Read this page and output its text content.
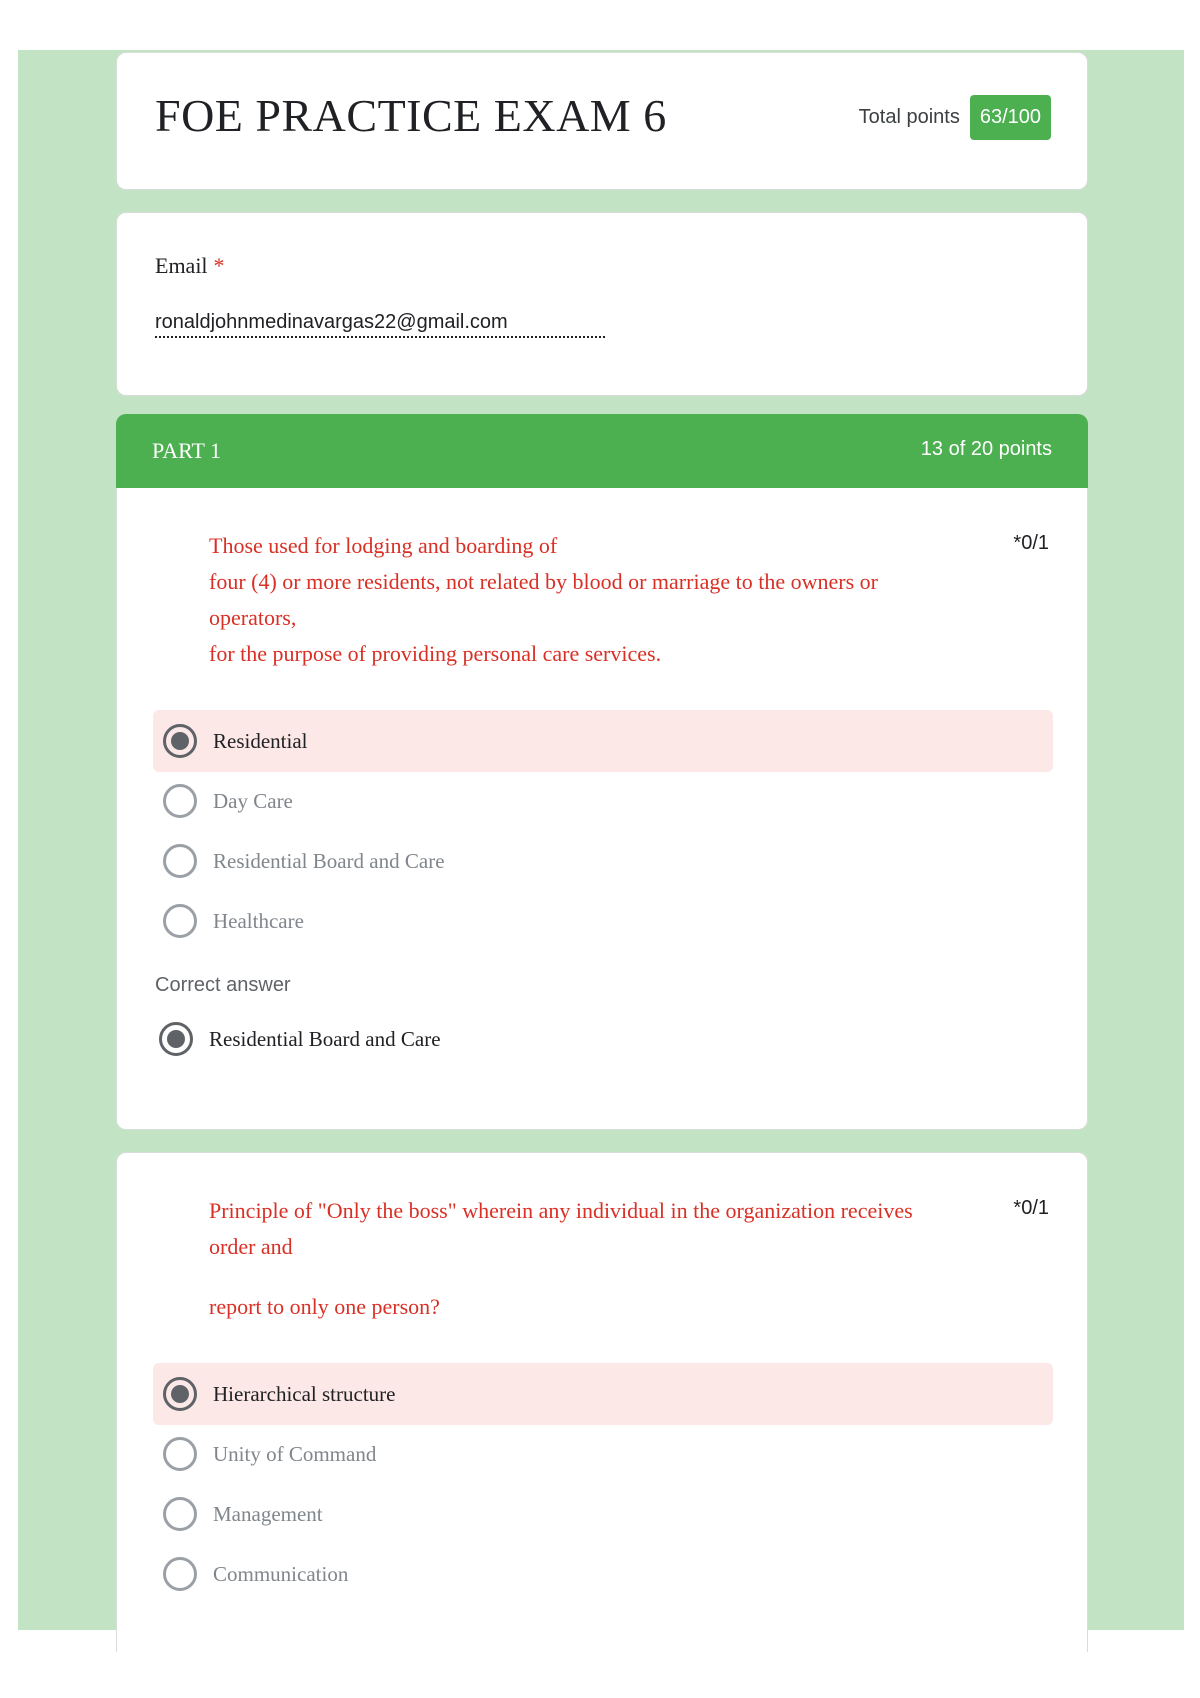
FOE PRACTICE EXAM 6	Total points	63/100
Email *
ronaldjohnmedinavargas22@gmail.com
PART 1	13 of 20 points
Those used for lodging and boarding of
four (4) or more residents, not related by blood or marriage to the owners or
operators,
for the purpose of providing personal care services.
*0/1
Residential
Day Care
Residential Board and Care
Healthcare
Correct answer
Residential Board and Care
Principle of "Only the boss" wherein any individual in the organization receives
order and
report to only one person?
*0/1
Hierarchical structure
Unity of Command
Management
Communication
